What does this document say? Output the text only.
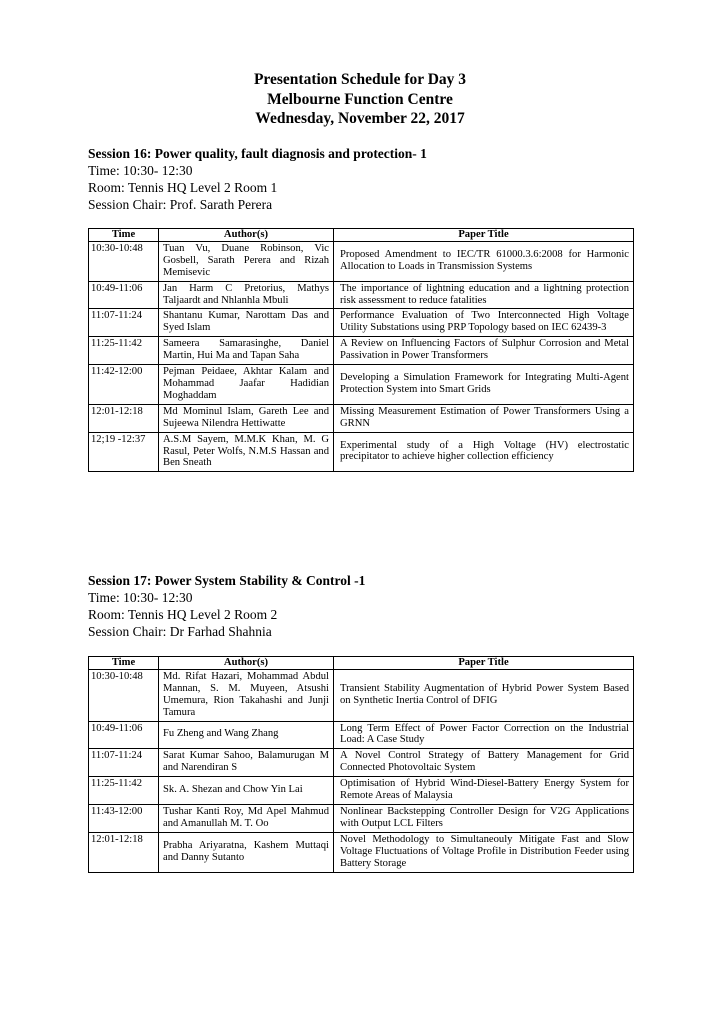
Presentation Schedule for Day 3
Melbourne Function Centre
Wednesday, November 22, 2017
Session 16: Power quality, fault diagnosis and protection- 1
Time: 10:30- 12:30
Room: Tennis HQ Level 2 Room 1
Session Chair: Prof. Sarath Perera
Time	Author(s)	Paper Title
10:30-10:48	Tuan Vu, Duane Robinson, Vic Gosbell, Sarath Perera and Rizah Memisevic	Proposed Amendment to IEC/TR 61000.3.6:2008 for Harmonic Allocation to Loads in Transmission Systems
10:49-11:06	Jan Harm C Pretorius, Mathys Taljaardt and Nhlanhla Mbuli	The importance of lightning education and a lightning protection risk assessment to reduce fatalities
11:07-11:24	Shantanu Kumar, Narottam Das and Syed Islam	Performance Evaluation of Two Interconnected High Voltage Utility Substations using PRP Topology based on IEC 62439-3
11:25-11:42	Sameera Samarasinghe, Daniel Martin, Hui Ma and Tapan Saha	A Review on Influencing Factors of Sulphur Corrosion and Metal Passivation in Power Transformers
11:42-12:00	Pejman Peidaee, Akhtar Kalam and Mohammad Jaafar Hadidian Moghaddam	Developing a Simulation Framework for Integrating Multi-Agent Protection System into Smart Grids
12:01-12:18	Md Mominul Islam, Gareth Lee and Sujeewa Nilendra Hettiwatte	Missing Measurement Estimation of Power Transformers Using a GRNN
12;19 -12:37	A.S.M Sayem, M.M.K Khan, M. G Rasul, Peter Wolfs, N.M.S Hassan and Ben Sneath	Experimental study of a High Voltage (HV) electrostatic precipitator to achieve higher collection efficiency
Session 17: Power System Stability & Control -1
Time: 10:30- 12:30
Room: Tennis HQ Level 2 Room 2
Session Chair: Dr Farhad Shahnia
Time	Author(s)	Paper Title
10:30-10:48	Md. Rifat Hazari, Mohammad Abdul Mannan, S. M. Muyeen, Atsushi Umemura, Rion Takahashi and Junji Tamura	Transient Stability Augmentation of Hybrid Power System Based on Synthetic Inertia Control of DFIG
10:49-11:06	Fu Zheng and Wang Zhang	Long Term Effect of Power Factor Correction on the Industrial Load: A Case Study
11:07-11:24	Sarat Kumar Sahoo, Balamurugan M and Narendiran S	A Novel Control Strategy of Battery Management for Grid Connected Photovoltaic System
11:25-11:42	Sk. A. Shezan and Chow Yin Lai	Optimisation of Hybrid Wind-Diesel-Battery Energy System for Remote Areas of Malaysia
11:43-12:00	Tushar Kanti Roy, Md Apel Mahmud and Amanullah M. T. Oo	Nonlinear Backstepping Controller Design for V2G Applications with Output LCL Filters
12:01-12:18	Prabha Ariyaratna, Kashem Muttaqi and Danny Sutanto	Novel Methodology to Simultaneouly Mitigate Fast and Slow Voltage Fluctuations of Voltage Profile in Distribution Feeder using Battery Storage
